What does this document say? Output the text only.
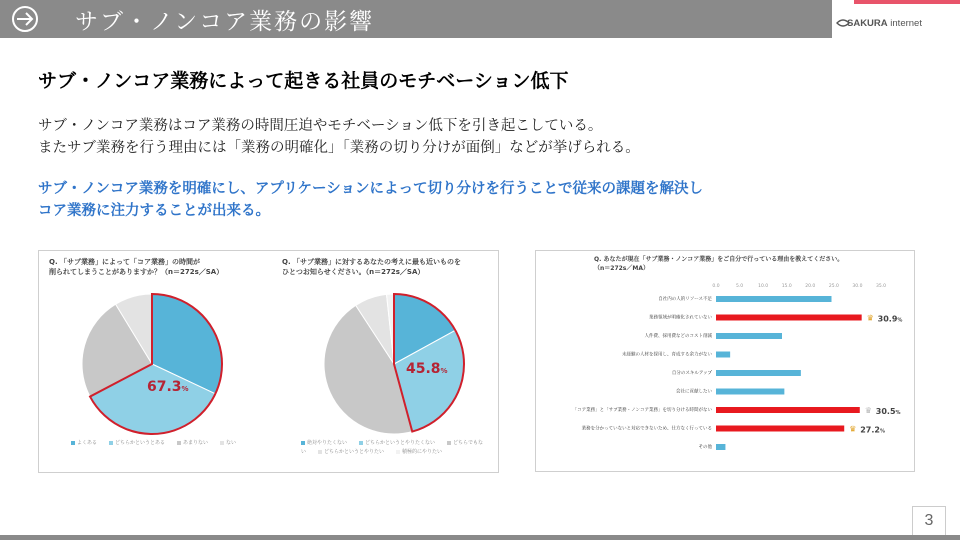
サブ・ノンコア業務の影響	SAKURA internet
サブ・ノンコア業務によって起きる社員のモチベーション低下
サブ・ノンコア業務はコア業務の時間圧迫やモチベーション低下を引き起こしている。
またサブ業務を行う理由には「業務の明確化」「業務の切り分けが面倒」などが挙げられる。
サブ・ノンコア業務を明確にし、アプリケーションによって切り分けを行うことで従来の課題を解決し
コア業務に注力することが出来る。
Q. 「サブ業務」によって「コア業務」の時間が
削られてしまうことがありますか？（n＝272s／SA）
67.3%
よくある	どちらかというとある	あまりない	ない
Q. 「サブ業務」に対するあなたの考えに最も近いものを
ひとつお知らせください。（n＝272s／SA）
45.8%
絶対やりたくない	どちらかというとやりたくない	どちらでもない	どちらかというとやりたい	積極的にやりたい
Q. あなたが現在「サブ業務・ノンコア業務」をご自分で行っている理由を教えてください。
（n＝272s／MA）
0.0	5.0	10.0	15.0	20.0	25.0	30.0	35.0
自社内の人的リソース不足
業務領域が明確化されていない	♛ 30.9%
人件費、採用費などのコスト削減
未経験の人材を採用し、育成する余力がない
自分のスキルアップ
会社に貢献したい
「コア業務」と「サブ業務・ノンコア業務」を切り分ける時間がない	♛ 30.5%
業務を分かっていないと対応できないため、仕方なく行っている	♛ 27.2%
その他
3
